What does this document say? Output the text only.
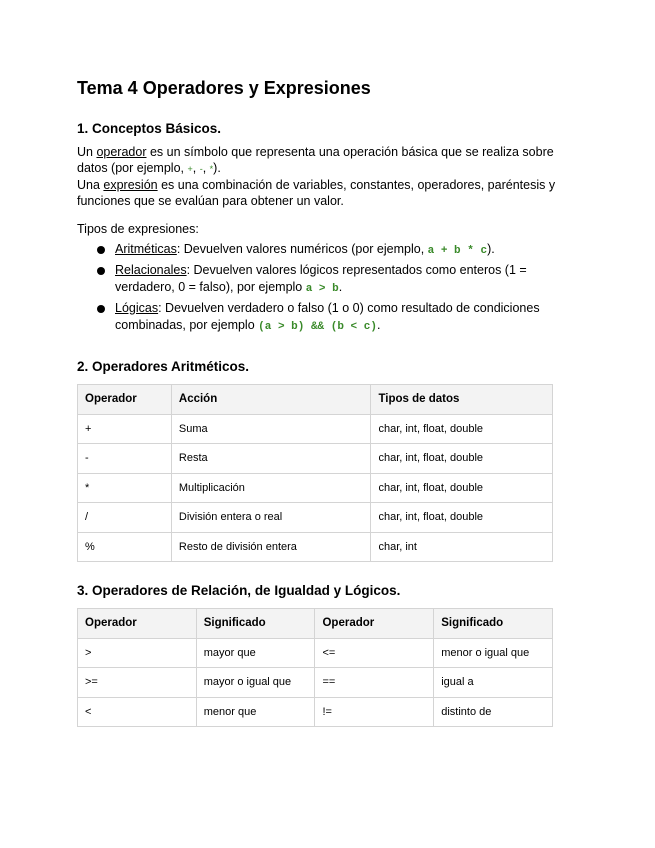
Tema 4 Operadores y Expresiones
1. Conceptos Básicos.

Un operador es un símbolo que representa una operación básica que se realiza sobre datos (por ejemplo, +, -, *).

Una expresión es una combinación de variables, constantes, operadores, paréntesis y funciones que se evalúan para obtener un valor.

Tipos de expresiones:

Aritméticas: Devuelven valores numéricos (por ejemplo, a + b * c).
Relacionales: Devuelven valores lógicos representados como enteros (1 = verdadero, 0 = falso), por ejemplo a > b.
Lógicas: Devuelven verdadero o falso (1 o 0) como resultado de condiciones combinadas, por ejemplo (a > b) && (b < c).
2. Operadores Aritméticos.
Operador	Acción	Tipos de datos
+	Suma	char, int, float, double
-	Resta	char, int, float, double
*	Multiplicación	char, int, float, double
/	División entera o real	char, int, float, double
%	Resto de división entera	char, int
3. Operadores de Relación, de Igualdad y Lógicos.
Operador	Significado	Operador	Significado
>	mayor que	<=	menor o igual que
>=	mayor o igual que	==	igual a
<	menor que	!=	distinto de
